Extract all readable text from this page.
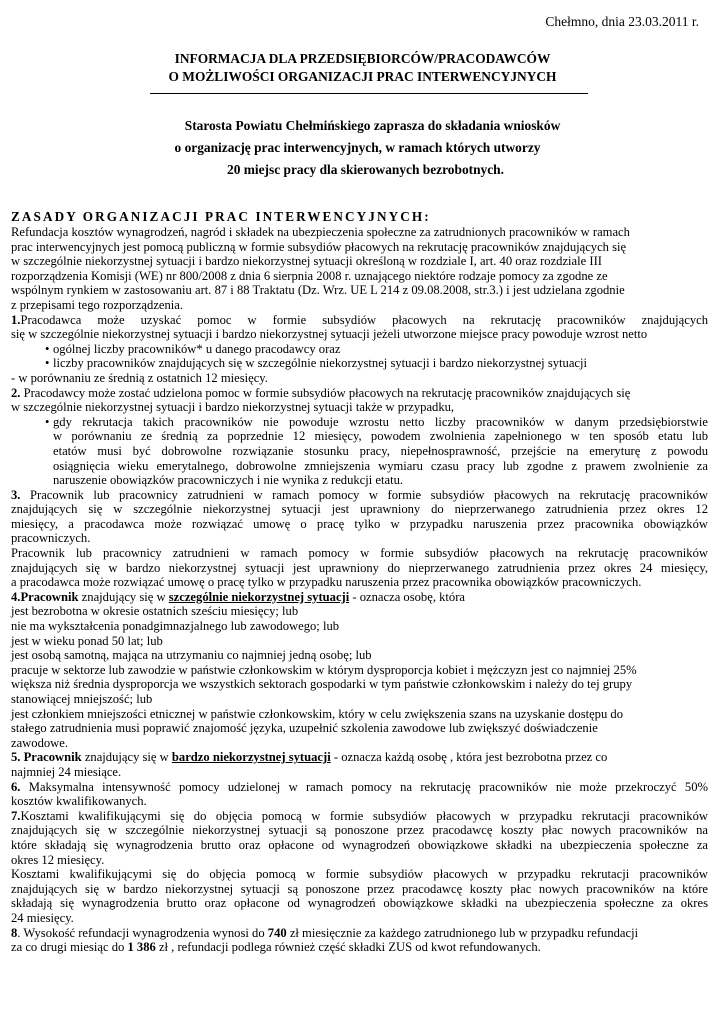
Chełmno, dnia 23.03.2011 r.
INFORMACJA DLA PRZEDSIĘBIORCÓW/PRACODAWCÓW
O MOŻLIWOŚCI ORGANIZACJI PRAC INTERWENCYJNYCH
Starosta Powiatu Chełmińskiego zaprasza do składania wniosków
o organizację prac interwencyjnych, w ramach których utworzy
20 miejsc pracy dla skierowanych bezrobotnych.
ZASADY ORGANIZACJI PRAC INTERWENCYJNYCH:
Refundacja kosztów wynagrodzeń, nagród i składek na ubezpieczenia społeczne za zatrudnionych pracowników w ramach
prac interwencyjnych jest pomocą publiczną w formie subsydiów płacowych na rekrutację pracowników znajdujących się
w szczególnie niekorzystnej sytuacji i bardzo niekorzystnej sytuacji określoną w rozdziale I, art. 40 oraz rozdziale III
rozporządzenia Komisji (WE) nr 800/2008 z dnia 6 sierpnia 2008 r. uznającego niektóre rodzaje pomocy za zgodne ze
wspólnym rynkiem w zastosowaniu art. 87 i 88 Traktatu (Dz. Wrz. UE L 214 z 09.08.2008, str.3.) i jest udzielana zgodnie
z przepisami tego rozporządzenia.
1.Pracodawca może uzyskać pomoc w formie subsydiów płacowych na rekrutację pracowników znajdujących
się w szczególnie niekorzystnej sytuacji i bardzo niekorzystnej sytuacji jeżeli utworzone miejsce pracy powoduje wzrost netto
• ogólnej liczby pracowników* u danego pracodawcy oraz
• liczby pracowników znajdujących się w szczególnie niekorzystnej sytuacji i bardzo niekorzystnej sytuacji
- w porównaniu ze średnią z ostatnich 12 miesięcy.
2. Pracodawcy może zostać udzielona pomoc w formie subsydiów płacowych na rekrutację pracowników znajdujących się
w szczególnie niekorzystnej sytuacji i bardzo niekorzystnej sytuacji także w przypadku,
• gdy rekrutacja takich pracowników nie powoduje wzrostu netto liczby pracowników w danym przedsiębiorstwie
w porównaniu ze średnią za poprzednie 12 miesięcy, powodem zwolnienia zapełnionego w ten sposób etatu lub
etatów musi być dobrowolne rozwiązanie stosunku pracy, niepełnosprawność, przejście na emeryturę z powodu
osiągnięcia wieku emerytalnego, dobrowolne zmniejszenia wymiaru czasu pracy lub zgodne z prawem zwolnienie za
naruszenie obowiązków pracowniczych i nie wynika z redukcji etatu.
3. Pracownik lub pracownicy zatrudnieni w ramach pomocy w formie subsydiów płacowych na rekrutację pracowników
znajdujących się w szczególnie niekorzystnej sytuacji jest uprawniony do nieprzerwanego zatrudnienia przez okres 12
miesięcy, a pracodawca może rozwiązać umowę o pracę tylko w przypadku naruszenia przez pracownika obowiązków
pracowniczych.
Pracownik lub pracownicy zatrudnieni w ramach pomocy w formie subsydiów płacowych na rekrutację pracowników
znajdujących się w bardzo niekorzystnej sytuacji jest uprawniony do nieprzerwanego zatrudnienia przez okres 24 miesięcy,
a pracodawca może rozwiązać umowę o pracę tylko w przypadku naruszenia przez pracownika obowiązków pracowniczych.
4.Pracownik znajdujący się w szczególnie niekorzystnej sytuacji - oznacza osobę, która
jest bezrobotna w okresie ostatnich sześciu miesięcy; lub
nie ma wykształcenia ponadgimnazjalnego lub zawodowego; lub
jest w wieku ponad 50 lat; lub
jest osobą samotną, mająca na utrzymaniu co najmniej jedną osobę; lub
pracuje w sektorze lub zawodzie w państwie członkowskim w którym dysproporcja kobiet i mężczyzn jest co najmniej 25%
większa niż średnia dysproporcja we wszystkich sektorach gospodarki w tym państwie członkowskim i należy do tej grupy
stanowiącej mniejszość; lub
jest członkiem mniejszości etnicznej w państwie członkowskim, który w celu zwiększenia szans na uzyskanie dostępu do
stałego zatrudnienia musi poprawić znajomość języka, uzupełnić szkolenia zawodowe lub zwiększyć doświadczenie
zawodowe.
5. Pracownik znajdujący się w bardzo niekorzystnej sytuacji - oznacza każdą osobę , która jest bezrobotna przez co
najmniej 24 miesiące.
6. Maksymalna intensywność pomocy udzielonej w ramach pomocy na rekrutację pracowników nie może przekroczyć 50%
kosztów kwalifikowanych.
7.Kosztami kwalifikującymi się do objęcia pomocą w formie subsydiów płacowych w przypadku rekrutacji pracowników
znajdujących się w szczególnie niekorzystnej sytuacji są ponoszone przez pracodawcę koszty płac nowych pracowników na
które składają się wynagrodzenia brutto oraz opłacone od wynagrodzeń obowiązkowe składki na ubezpieczenia społeczne za
okres 12 miesięcy.
Kosztami kwalifikującymi się do objęcia pomocą w formie subsydiów płacowych w przypadku rekrutacji pracowników
znajdujących się w bardzo niekorzystnej sytuacji są ponoszone przez pracodawcę koszty płac nowych pracowników na które
składają się wynagrodzenia brutto oraz opłacone od wynagrodzeń obowiązkowe składki na ubezpieczenia społeczne za okres
24 miesięcy.
8. Wysokość refundacji wynagrodzenia wynosi do 740 zł miesięcznie za każdego zatrudnionego lub w przypadku refundacji
za co drugi miesiąc do 1 386 zł , refundacji podlega również część składki ZUS od kwot refundowanych.
